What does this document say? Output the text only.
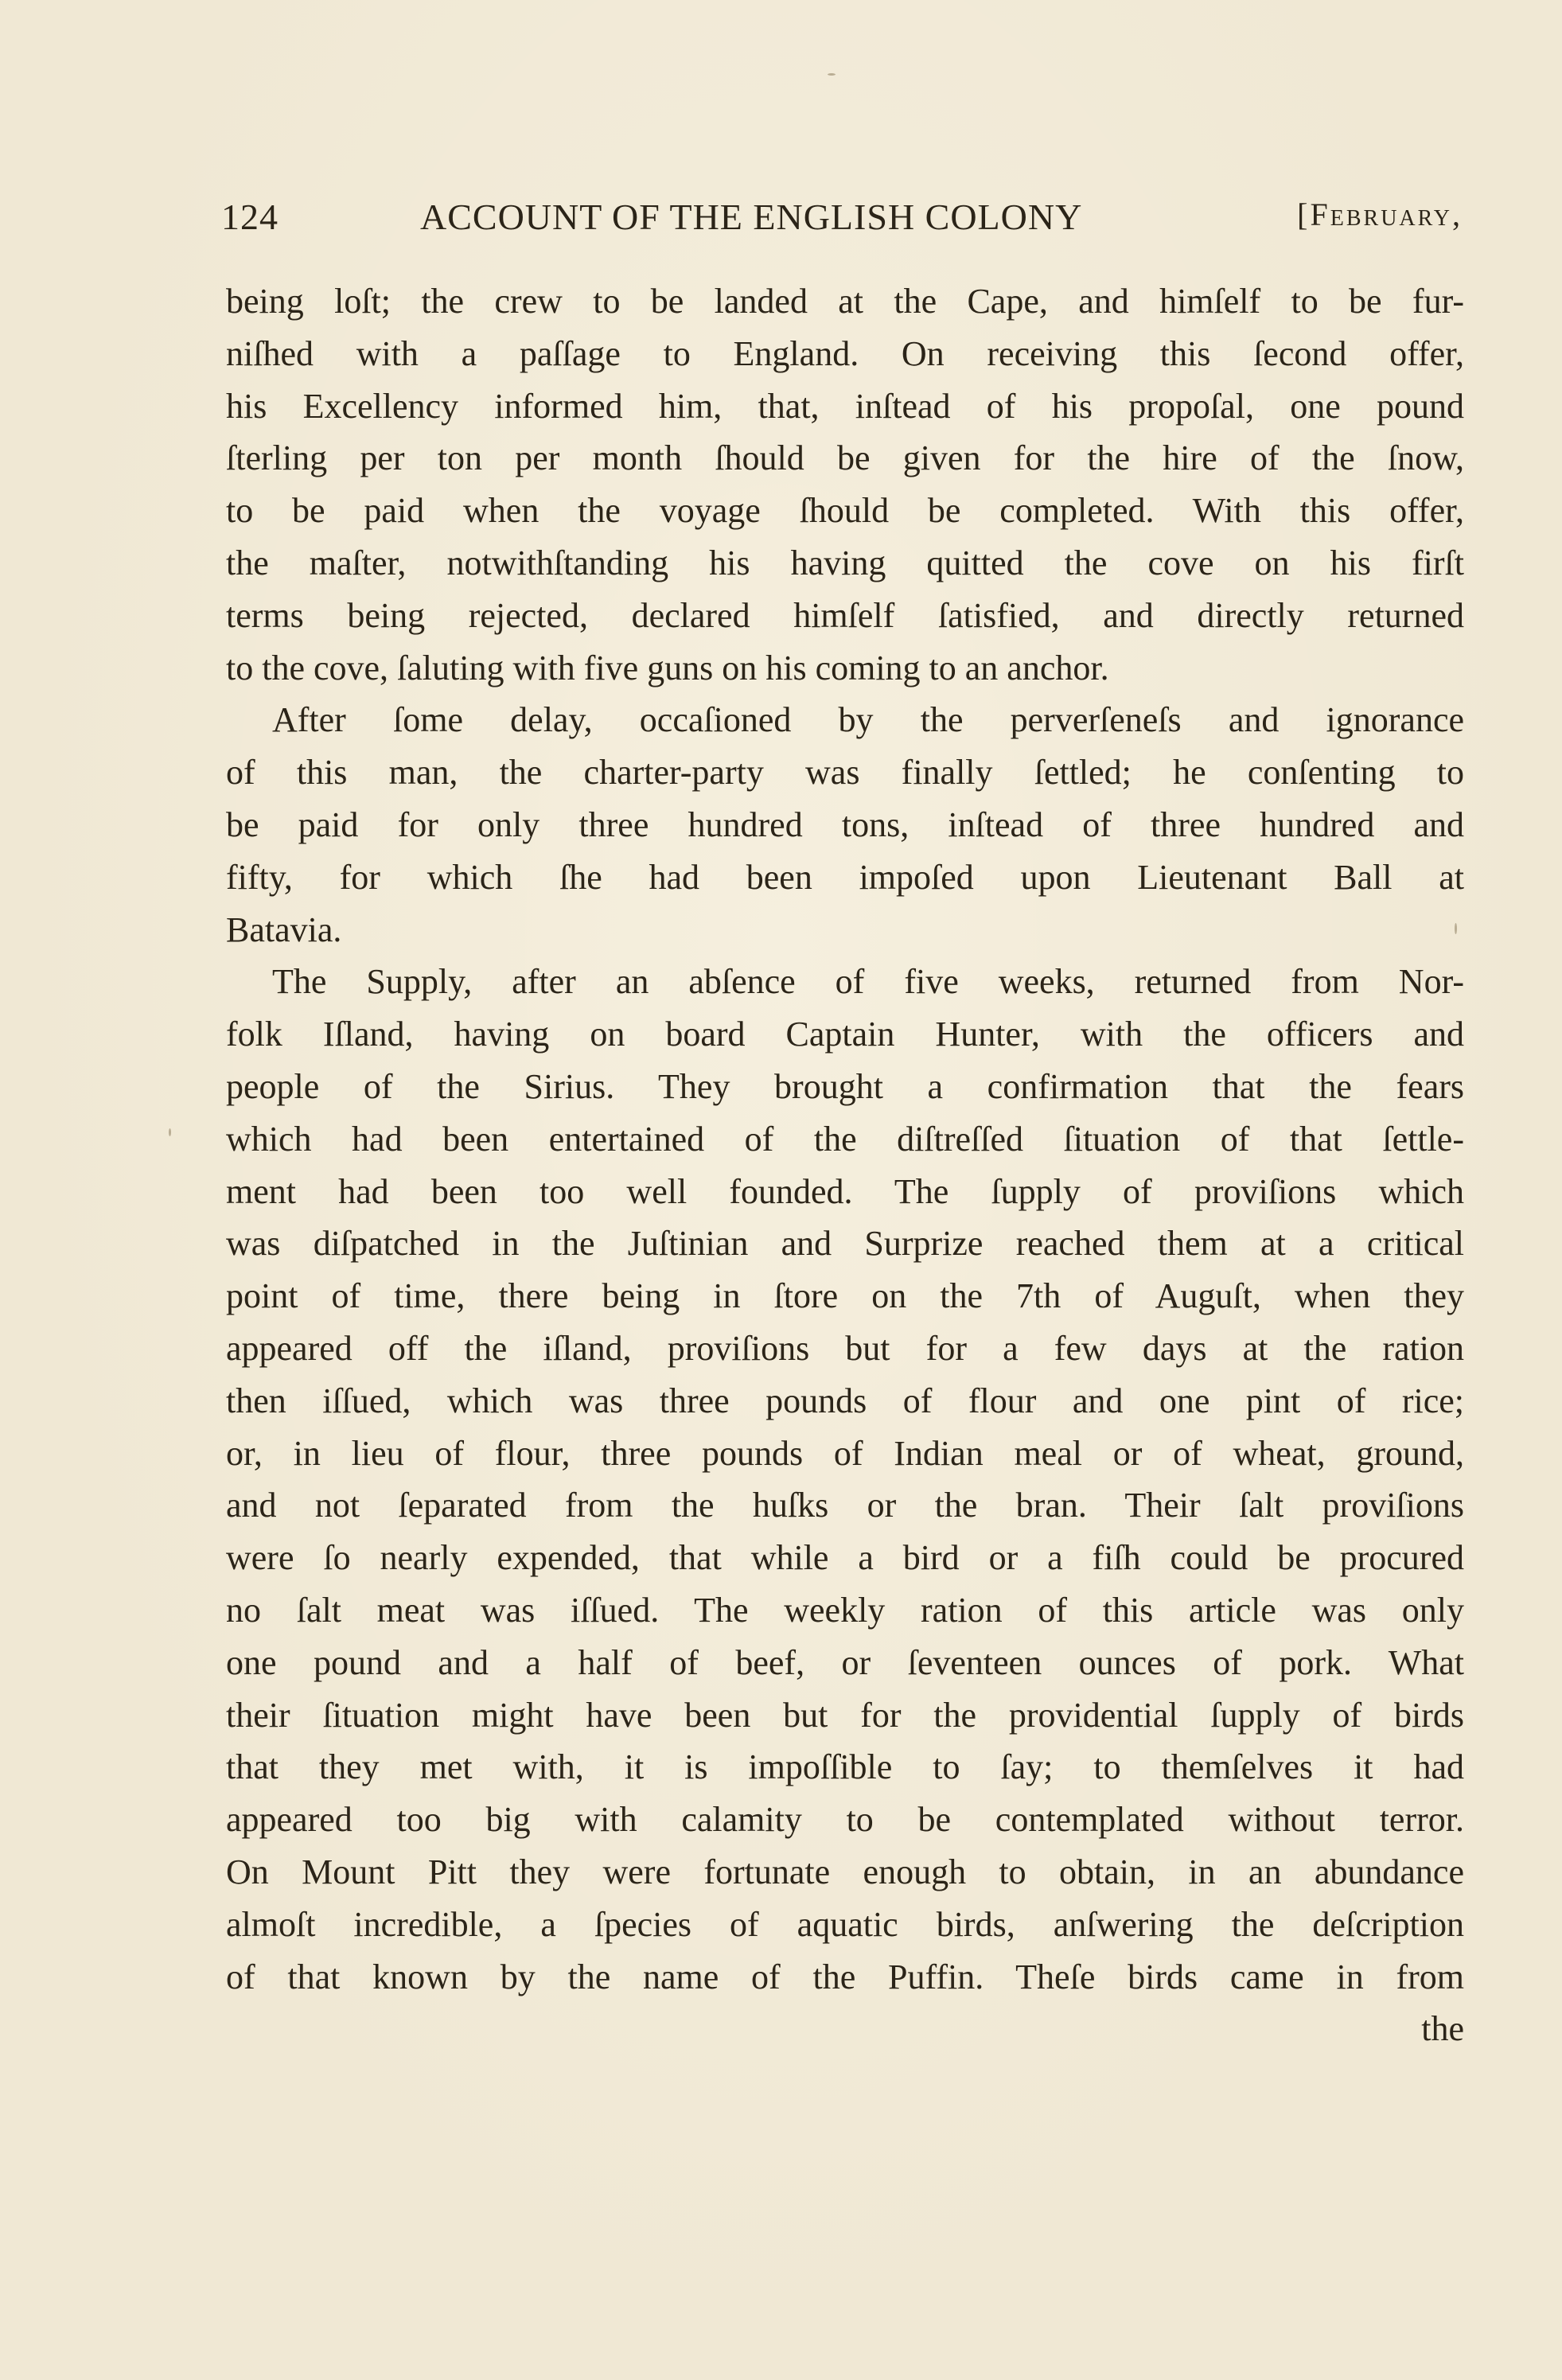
124	ACCOUNT OF THE ENGLISH COLONY	[February,
being loſt; the crew to be landed at the Cape, and himſelf to be fur-
niſhed with a paſſage to England. On receiving this ſecond offer,
his Excellency informed him, that, inſtead of his propoſal, one pound
ſterling per ton per month ſhould be given for the hire of the ſnow,
to be paid when the voyage ſhould be completed. With this offer,
the maſter, notwithſtanding his having quitted the cove on his firſt
terms being rejected, declared himſelf ſatisfied, and directly returned
to the cove, ſaluting with five guns on his coming to an anchor.
After ſome delay, occaſioned by the perverſeneſs and ignorance
of this man, the charter-party was finally ſettled; he conſenting to
be paid for only three hundred tons, inſtead of three hundred and
fifty, for which ſhe had been impoſed upon Lieutenant Ball at
Batavia.
The Supply, after an abſence of five weeks, returned from Nor-
folk Iſland, having on board Captain Hunter, with the officers and
people of the Sirius. They brought a confirmation that the fears
which had been entertained of the diſtreſſed ſituation of that ſettle-
ment had been too well founded. The ſupply of proviſions which
was diſpatched in the Juſtinian and Surprize reached them at a critical
point of time, there being in ſtore on the 7th of Auguſt, when they
appeared off the iſland, proviſions but for a few days at the ration
then iſſued, which was three pounds of flour and one pint of rice;
or, in lieu of flour, three pounds of Indian meal or of wheat, ground,
and not ſeparated from the huſks or the bran. Their ſalt proviſions
were ſo nearly expended, that while a bird or a fiſh could be procured
no ſalt meat was iſſued. The weekly ration of this article was only
one pound and a half of beef, or ſeventeen ounces of pork. What
their ſituation might have been but for the providential ſupply of birds
that they met with, it is impoſſible to ſay; to themſelves it had
appeared too big with calamity to be contemplated without terror.
On Mount Pitt they were fortunate enough to obtain, in an abundance
almoſt incredible, a ſpecies of aquatic birds, anſwering the deſcription
of that known by the name of the Puffin. Theſe birds came in from
the
